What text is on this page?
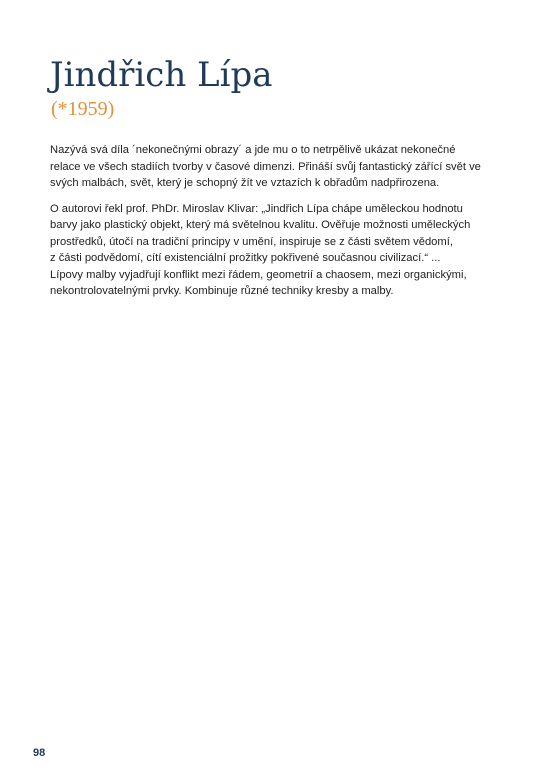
Jindřich Lípa
(*1959)

Nazývá svá díla ´nekonečnými obrazy´ a jde mu o to netrpělivě ukázat nekonečné
relace ve všech stadiích tvorby v časové dimenzi. Přináší svůj fantastický zářící svět ve
svých malbách, svět, který je schopný žít ve vztazích k obřadům nadpřirozena.

O autorovi řekl prof. PhDr. Miroslav Klivar: „Jindřich Lípa chápe uměleckou hodnotu
barvy jako plastický objekt, který má světelnou kvalitu. Ověřuje možnosti uměleckých
prostředků, útočí na tradiční principy v umění, inspiruje se z části světem vědomí,
z části podvědomí, cítí existenciální prožitky pokřivené současnou civilizací.“ ...
Lípovy malby vyjadřují konflikt mezi řádem, geometrií a chaosem, mezi organickými,
nekontrolovatelnými prvky. Kombinuje různé techniky kresby a malby.

98
